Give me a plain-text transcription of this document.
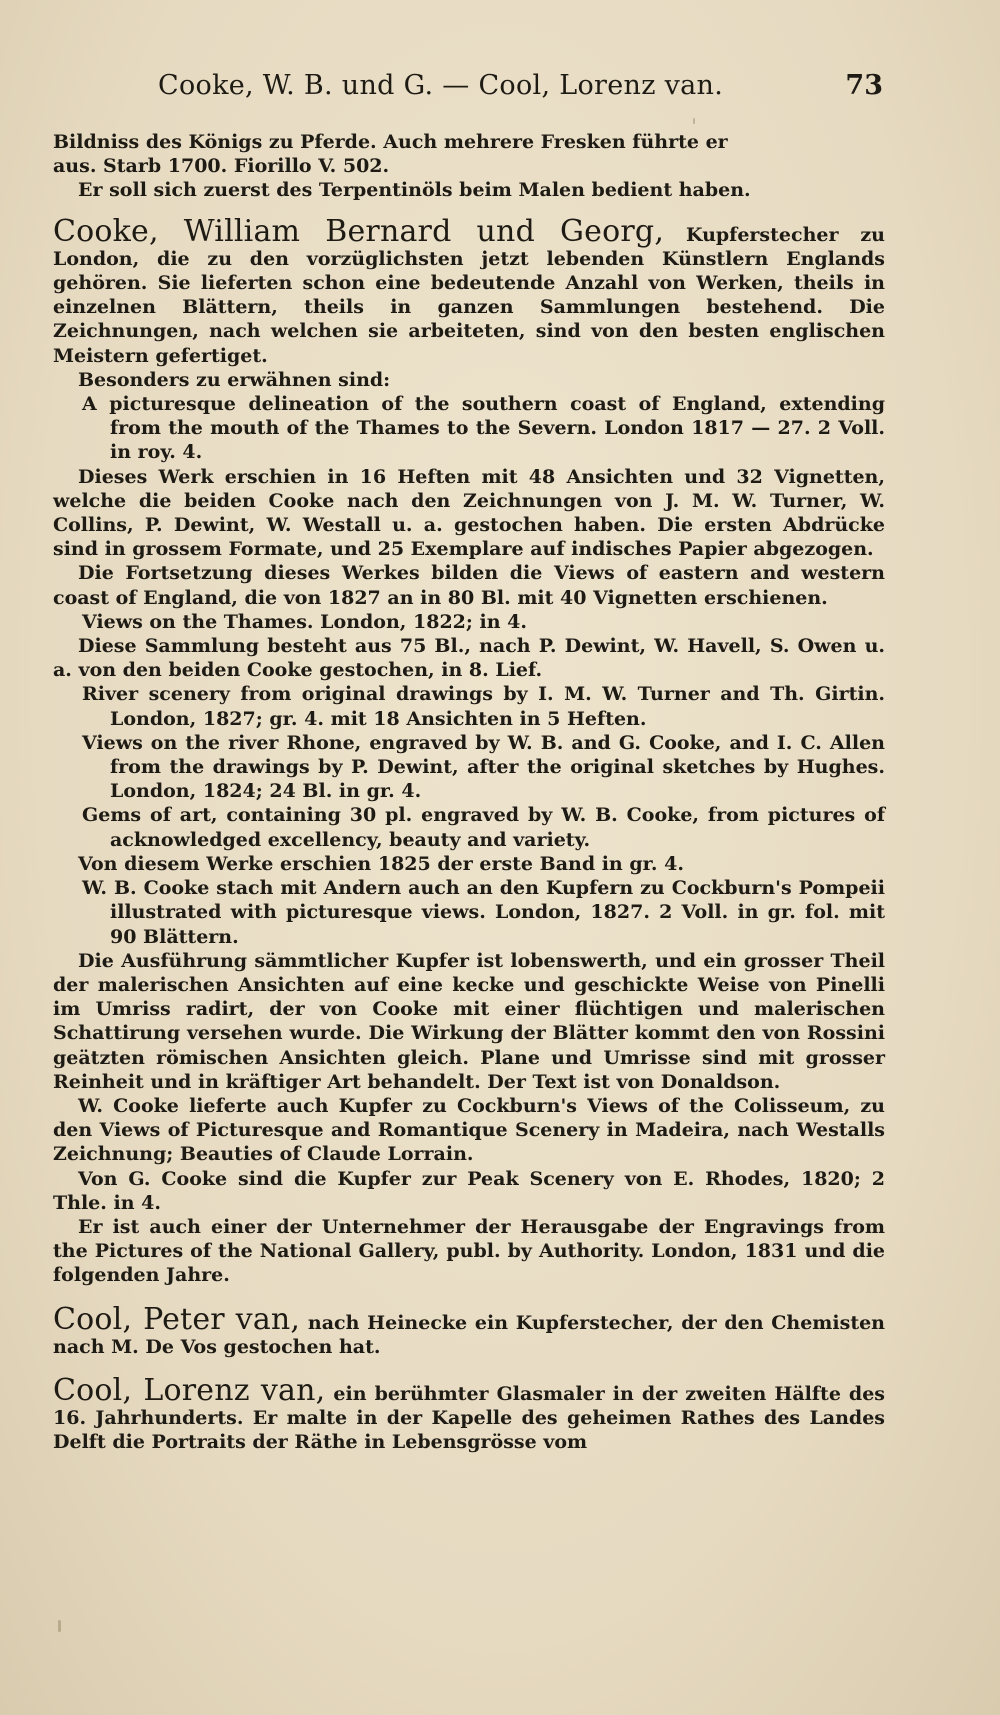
Cooke, W. B. und G. — Cool, Lorenz van.	73

Bildniss des Königs zu Pferde. Auch mehrere Fresken führte er

aus. Starb 1700. Fiorillo V. 502.

Er soll sich zuerst des Terpentinöls beim Malen bedient haben.

Cooke, William Bernard und Georg, Kupferstecher zu London, die zu den vorzüglichsten jetzt lebenden Künstlern Englands gehören. Sie lieferten schon eine bedeutende Anzahl von Werken, theils in einzelnen Blättern, theils in ganzen Sammlungen bestehend. Die Zeichnungen, nach welchen sie arbeiteten, sind von den besten englischen Meistern gefertiget.

Besonders zu erwähnen sind:

A picturesque delineation of the southern coast of England, extending from the mouth of the Thames to the Severn. London 1817 — 27. 2 Voll. in roy. 4.

Dieses Werk erschien in 16 Heften mit 48 Ansichten und 32 Vignetten, welche die beiden Cooke nach den Zeichnungen von J. M. W. Turner, W. Collins, P. Dewint, W. Westall u. a. gestochen haben. Die ersten Abdrücke sind in grossem Formate, und 25 Exemplare auf indisches Papier abgezogen.

Die Fortsetzung dieses Werkes bilden die Views of eastern and western coast of England, die von 1827 an in 80 Bl. mit 40 Vignetten erschienen.

Views on the Thames. London, 1822; in 4.

Diese Sammlung besteht aus 75 Bl., nach P. Dewint, W. Havell, S. Owen u. a. von den beiden Cooke gestochen, in 8. Lief.

River scenery from original drawings by I. M. W. Turner and Th. Girtin. London, 1827; gr. 4. mit 18 Ansichten in 5 Heften.

Views on the river Rhone, engraved by W. B. and G. Cooke, and I. C. Allen from the drawings by P. Dewint, after the original sketches by Hughes. London, 1824; 24 Bl. in gr. 4.

Gems of art, containing 30 pl. engraved by W. B. Cooke, from pictures of acknowledged excellency, beauty and variety.

Von diesem Werke erschien 1825 der erste Band in gr. 4.

W. B. Cooke stach mit Andern auch an den Kupfern zu Cockburn's Pompeii illustrated with picturesque views. London, 1827. 2 Voll. in gr. fol. mit 90 Blättern.

Die Ausführung sämmtlicher Kupfer ist lobenswerth, und ein grosser Theil der malerischen Ansichten auf eine kecke und geschickte Weise von Pinelli im Umriss radirt, der von Cooke mit einer flüchtigen und malerischen Schattirung versehen wurde. Die Wirkung der Blätter kommt den von Rossini geätzten römischen Ansichten gleich. Plane und Umrisse sind mit grosser Reinheit und in kräftiger Art behandelt. Der Text ist von Donaldson.

W. Cooke lieferte auch Kupfer zu Cockburn's Views of the Colisseum, zu den Views of Picturesque and Romantique Scenery in Madeira, nach Westalls Zeichnung; Beauties of Claude Lorrain.

Von G. Cooke sind die Kupfer zur Peak Scenery von E. Rhodes, 1820; 2 Thle. in 4.

Er ist auch einer der Unternehmer der Herausgabe der Engravings from the Pictures of the National Gallery, publ. by Authority. London, 1831 und die folgenden Jahre.

Cool, Peter van, nach Heinecke ein Kupferstecher, der den Chemisten nach M. De Vos gestochen hat.

Cool, Lorenz van, ein berühmter Glasmaler in der zweiten Hälfte des 16. Jahrhunderts. Er malte in der Kapelle des geheimen Rathes des Landes Delft die Portraits der Räthe in Lebensgrösse vom
